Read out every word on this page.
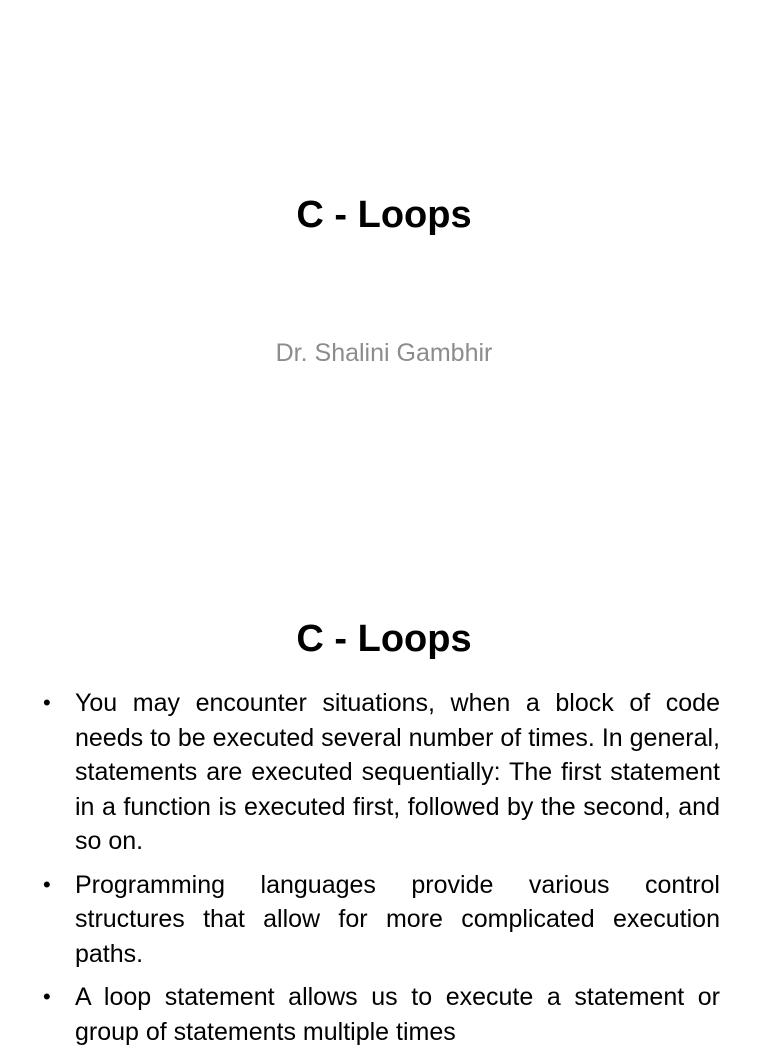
C - Loops
Dr. Shalini Gambhir
C - Loops
• You may encounter situations, when a block of code needs to be executed several number of times. In general, statements are executed sequentially: The first statement in a function is executed first, followed by the second, and so on.
• Programming languages provide various control structures that allow for more complicated execution paths.
• A loop statement allows us to execute a statement or group of statements multiple times
